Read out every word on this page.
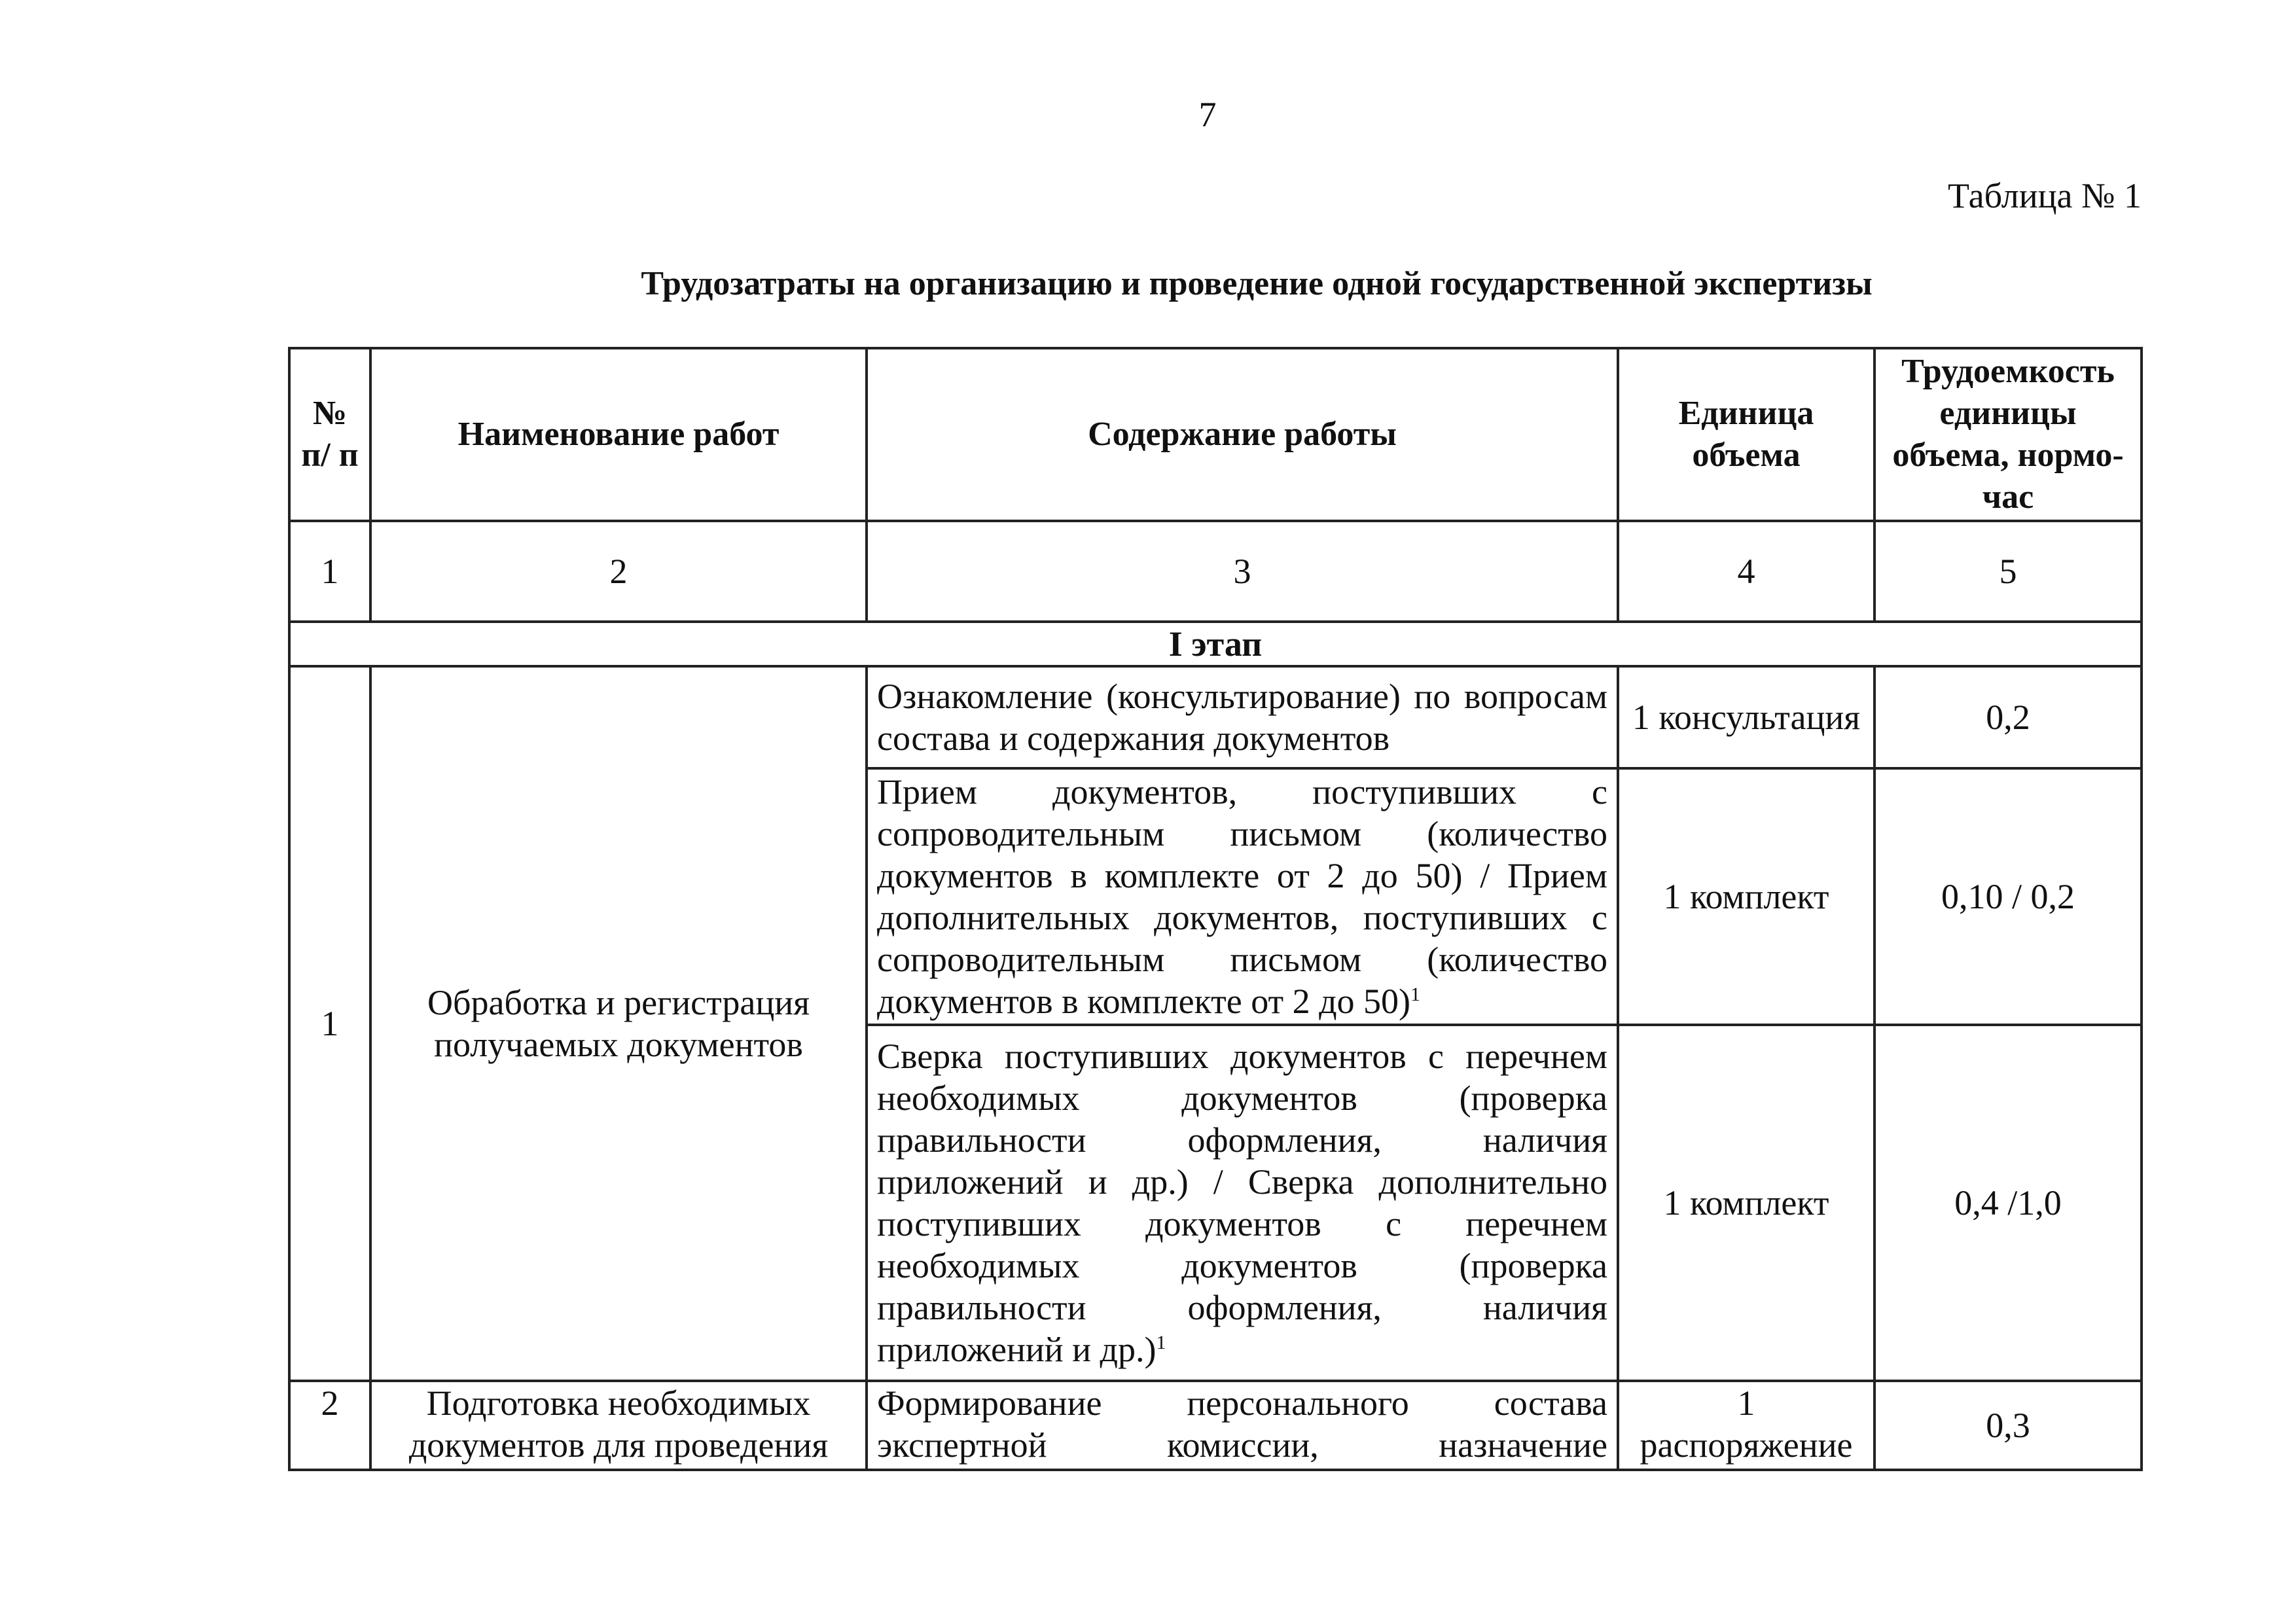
7
Таблица № 1
Трудозатраты на организацию и проведение одной государственной экспертизы
№ п/ п	Наименование работ	Содержание работы	Единица объема	Трудоемкость единицы объема, нормо-час
1	2	3	4	5
I этап				
1	Обработка и регистрация получаемых документов	Ознакомление (консультирование) по вопросам состава и содержания документов	1 консультация	0,2
		Прием документов, поступивших с сопроводительным письмом (количество документов в комплекте от 2 до 50) / Прием дополнительных документов, поступивших с сопроводительным письмом (количество документов в комплекте от 2 до 50)$^1$	1 комплект	0,10 / 0,2
		Сверка поступивших документов с перечнем необходимых документов (проверка правильности оформления, наличия приложений и др.) / Сверка дополнительно поступивших документов с перечнем необходимых документов (проверка правильности оформления, наличия приложений и др.)$^1$	1 комплект	0,4 /1,0
2	Подготовка необходимых документов для проведения	Формирование персонального состава экспертной комиссии, назначение	1 распоряжение	0,3
